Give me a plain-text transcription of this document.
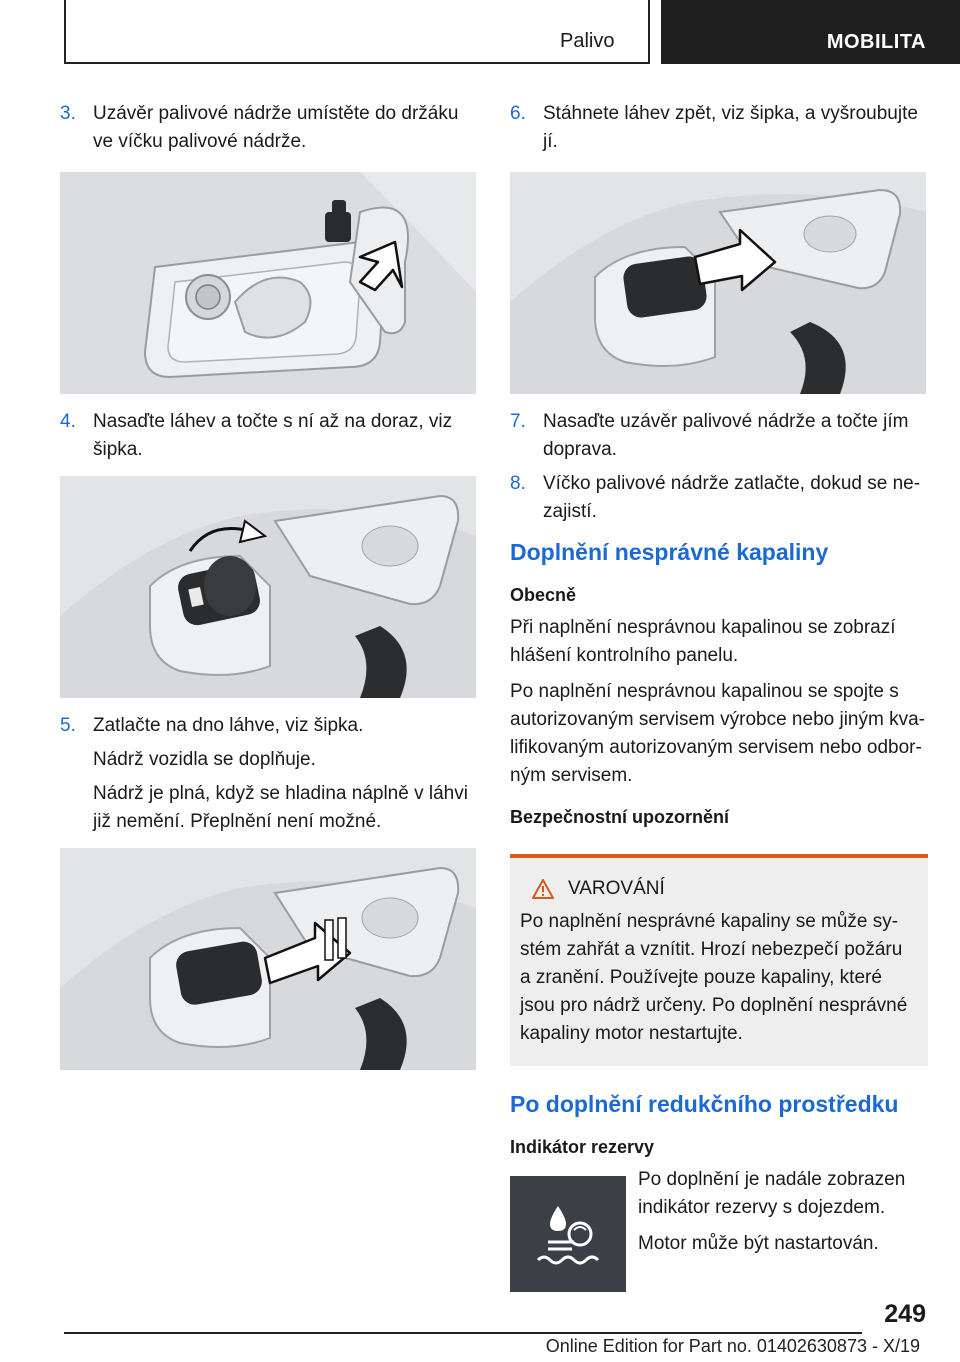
Palivo	MOBILITA
3. Uzávěr palivové nádrže umístěte do držáku ve víčku palivové nádrže.
4. Nasaďte láhev a točte s ní až na doraz, viz šipka.
5. Zatlačte na dno láhve, viz šipka.

Nádrž vozidla se doplňuje.

Nádrž je plná, když se hladina náplně v láhvi již nemění. Přeplnění není možné.

6. Stáhnete láhev zpět, viz šipka, a vyšroubujte jí.
7. Nasaďte uzávěr palivové nádrže a točte jím doprava.
8. Víčko palivové nádrže zatlačte, dokud se nezajistí.
Doplnění nesprávné kapaliny
Obecně

Při naplnění nesprávnou kapalinou se zobrazí hlášení kontrolního panelu.

Po naplnění nesprávnou kapalinou se spojte s autorizovaným servisem výrobce nebo jiným kvalifikovaným autorizovaným servisem nebo odborným servisem.

Bezpečnostní upozornění
VAROVÁNÍ

Po naplnění nesprávné kapaliny se může systém zahřát a vznítit. Hrozí nebezpečí požáru a zranění. Používejte pouze kapaliny, které jsou pro nádrž určeny. Po doplnění nesprávné kapaliny motor nestartujte.

Po doplnění redukčního prostředku
Indikátor rezervy

Po doplnění je nadále zobrazen indikátor rezervy s dojezdem.

Motor může být nastartován.

249
Online Edition for Part no. 01402630873 - X/19
